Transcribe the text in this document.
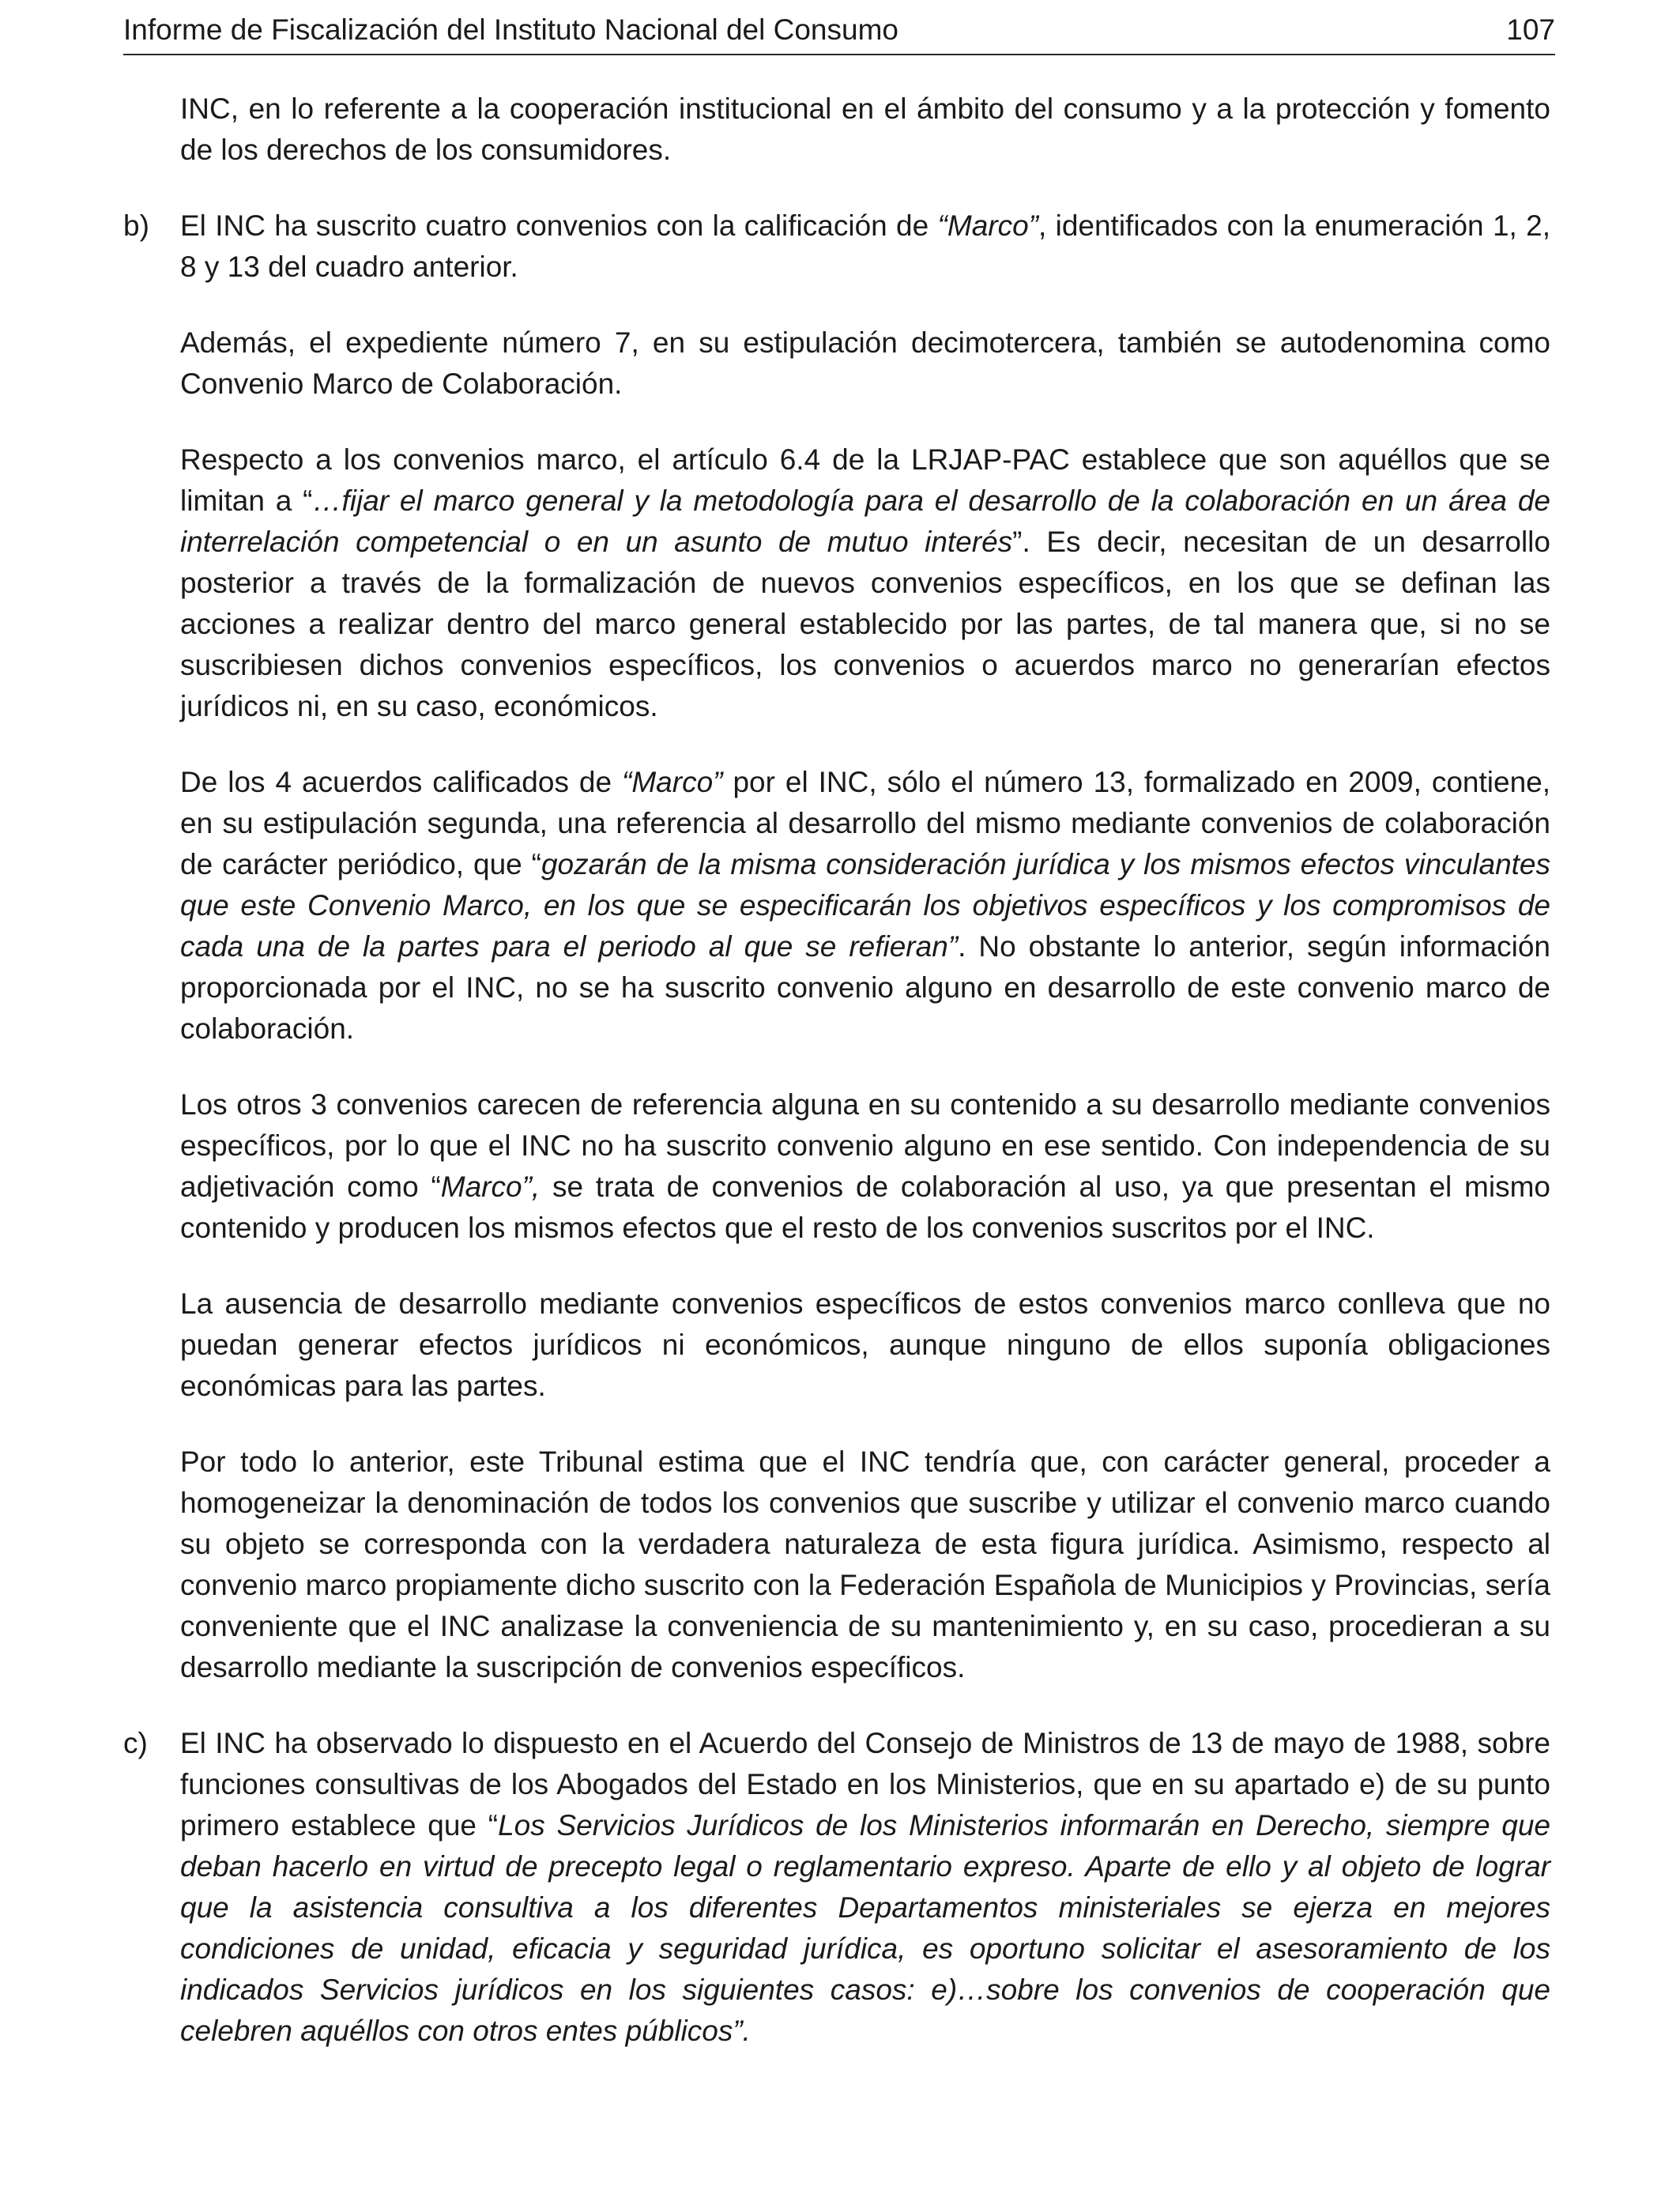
Informe de Fiscalización del Instituto Nacional del Consumo	107
INC, en lo referente a la cooperación institucional en el ámbito del consumo y a la protección y fomento de los derechos de los consumidores.
b) El INC ha suscrito cuatro convenios con la calificación de “Marco”, identificados con la enumeración 1, 2, 8 y 13 del cuadro anterior.
Además, el expediente número 7, en su estipulación decimotercera, también se autodenomina como Convenio Marco de Colaboración.
Respecto a los convenios marco, el artículo 6.4 de la LRJAP-PAC establece que son aquéllos que se limitan a “…fijar el marco general y la metodología para el desarrollo de la colaboración en un área de interrelación competencial o en un asunto de mutuo interés”. Es decir, necesitan de un desarrollo posterior a través de la formalización de nuevos convenios específicos, en los que se definan las acciones a realizar dentro del marco general establecido por las partes, de tal manera que, si no se suscribiesen dichos convenios específicos, los convenios o acuerdos marco no generarían efectos jurídicos ni, en su caso, económicos.
De los 4 acuerdos calificados de “Marco” por el INC, sólo el número 13, formalizado en 2009, contiene, en su estipulación segunda, una referencia al desarrollo del mismo mediante convenios de colaboración de carácter periódico, que “gozarán de la misma consideración jurídica y los mismos efectos vinculantes que este Convenio Marco, en los que se especificarán los objetivos específicos y los compromisos de cada una de la partes para el periodo al que se refieran”. No obstante lo anterior, según información proporcionada por el INC, no se ha suscrito convenio alguno en desarrollo de este convenio marco de colaboración.
Los otros 3 convenios carecen de referencia alguna en su contenido a su desarrollo mediante convenios específicos, por lo que el INC no ha suscrito convenio alguno en ese sentido. Con independencia de su adjetivación como “Marco”, se trata de convenios de colaboración al uso, ya que presentan el mismo contenido y producen los mismos efectos que el resto de los convenios suscritos por el INC.
La ausencia de desarrollo mediante convenios específicos de estos convenios marco conlleva que no puedan generar efectos jurídicos ni económicos, aunque ninguno de ellos suponía obligaciones económicas para las partes.
Por todo lo anterior, este Tribunal estima que el INC tendría que, con carácter general, proceder a homogeneizar la denominación de todos los convenios que suscribe y utilizar el convenio marco cuando su objeto se corresponda con la verdadera naturaleza de esta figura jurídica. Asimismo, respecto al convenio marco propiamente dicho suscrito con la Federación Española de Municipios y Provincias, sería conveniente que el INC analizase la conveniencia de su mantenimiento y, en su caso, procedieran a su desarrollo mediante la suscripción de convenios específicos.
c) El INC ha observado lo dispuesto en el Acuerdo del Consejo de Ministros de 13 de mayo de 1988, sobre funciones consultivas de los Abogados del Estado en los Ministerios, que en su apartado e) de su punto primero establece que “Los Servicios Jurídicos de los Ministerios informarán en Derecho, siempre que deban hacerlo en virtud de precepto legal o reglamentario expreso. Aparte de ello y al objeto de lograr que la asistencia consultiva a los diferentes Departamentos ministeriales se ejerza en mejores condiciones de unidad, eficacia y seguridad jurídica, es oportuno solicitar el asesoramiento de los indicados Servicios jurídicos en los siguientes casos: e)…sobre los convenios de cooperación que celebren aquéllos con otros entes públicos”.
